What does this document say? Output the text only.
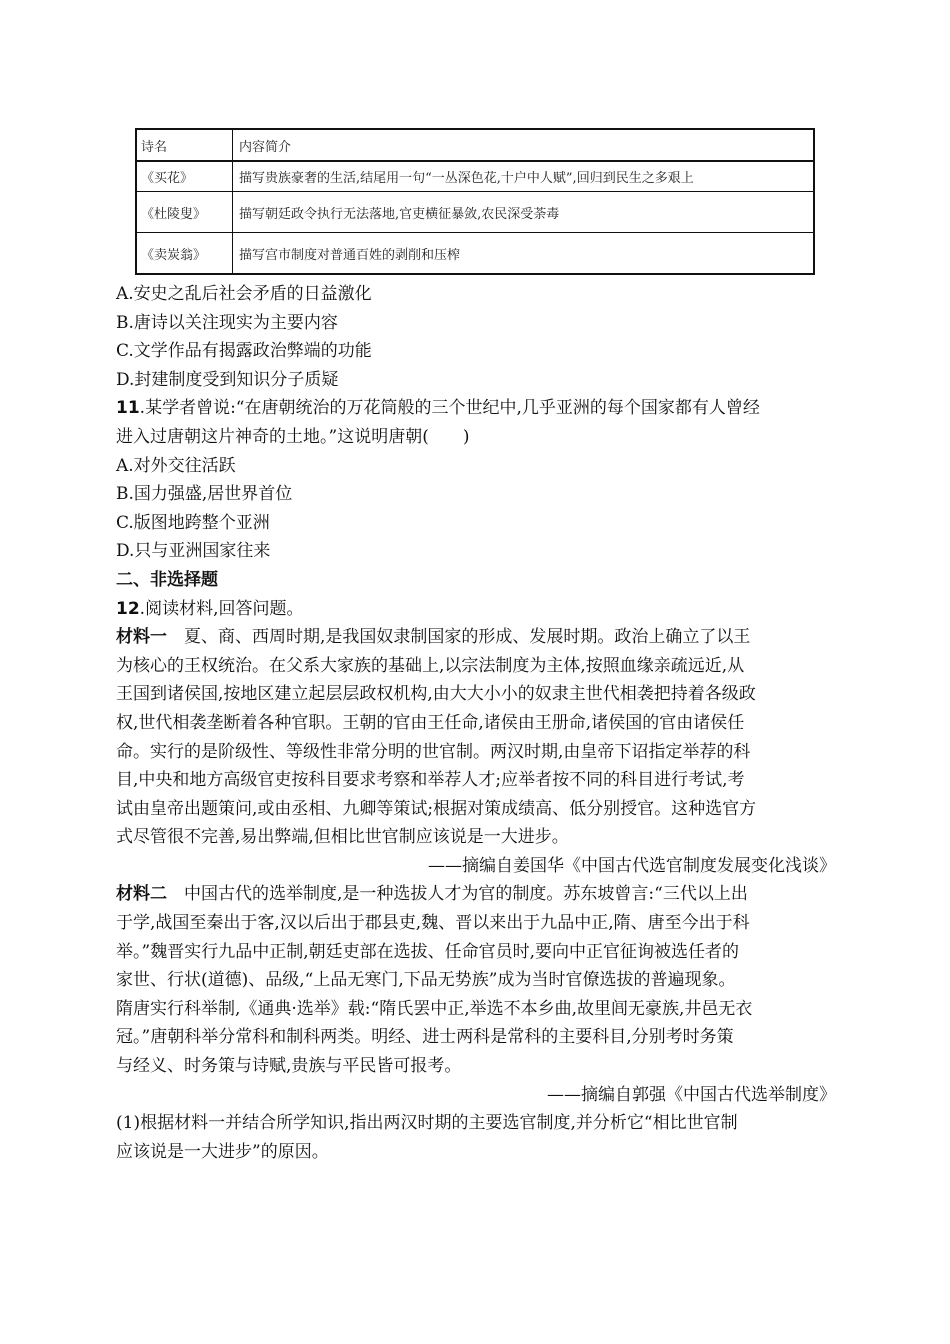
诗名	内容简介
《买花》	描写贵族豪奢的生活,结尾用一句“一丛深色花,十户中人赋”,回归到民生之多艰上
《杜陵叟》	描写朝廷政令执行无法落地,官吏横征暴敛,农民深受荼毒
《卖炭翁》	描写宫市制度对普通百姓的剥削和压榨
A.安史之乱后社会矛盾的日益激化
B.唐诗以关注现实为主要内容
C.文学作品有揭露政治弊端的功能
D.封建制度受到知识分子质疑
11.某学者曾说:“在唐朝统治的万花筒般的三个世纪中,几乎亚洲的每个国家都有人曾经
进入过唐朝这片神奇的土地。”这说明唐朝(　　)
A.对外交往活跃
B.国力强盛,居世界首位
C.版图地跨整个亚洲
D.只与亚洲国家往来
二、非选择题
12.阅读材料,回答问题。
材料一　夏、商、西周时期,是我国奴隶制国家的形成、发展时期。政治上确立了以王
为核心的王权统治。在父系大家族的基础上,以宗法制度为主体,按照血缘亲疏远近,从
王国到诸侯国,按地区建立起层层政权机构,由大大小小的奴隶主世代相袭把持着各级政
权,世代相袭垄断着各种官职。王朝的官由王任命,诸侯由王册命,诸侯国的官由诸侯任
命。实行的是阶级性、等级性非常分明的世官制。两汉时期,由皇帝下诏指定举荐的科
目,中央和地方高级官吏按科目要求考察和举荐人才;应举者按不同的科目进行考试,考
试由皇帝出题策问,或由丞相、九卿等策试;根据对策成绩高、低分别授官。这种选官方
式尽管很不完善,易出弊端,但相比世官制应该说是一大进步。
——摘编自姜国华《中国古代选官制度发展变化浅谈》
材料二　中国古代的选举制度,是一种选拔人才为官的制度。苏东坡曾言:“三代以上出
于学,战国至秦出于客,汉以后出于郡县吏,魏、晋以来出于九品中正,隋、唐至今出于科
举。”魏晋实行九品中正制,朝廷吏部在选拔、任命官员时,要向中正官征询被选任者的
家世、行状(道德)、品级,“上品无寒门,下品无势族”成为当时官僚选拔的普遍现象。
隋唐实行科举制,《通典·选举》载:“隋氏罢中正,举选不本乡曲,故里闾无豪族,井邑无衣
冠。”唐朝科举分常科和制科两类。明经、进士两科是常科的主要科目,分别考时务策
与经义、时务策与诗赋,贵族与平民皆可报考。
——摘编自郭强《中国古代选举制度》
(1)根据材料一并结合所学知识,指出两汉时期的主要选官制度,并分析它“相比世官制
应该说是一大进步”的原因。
